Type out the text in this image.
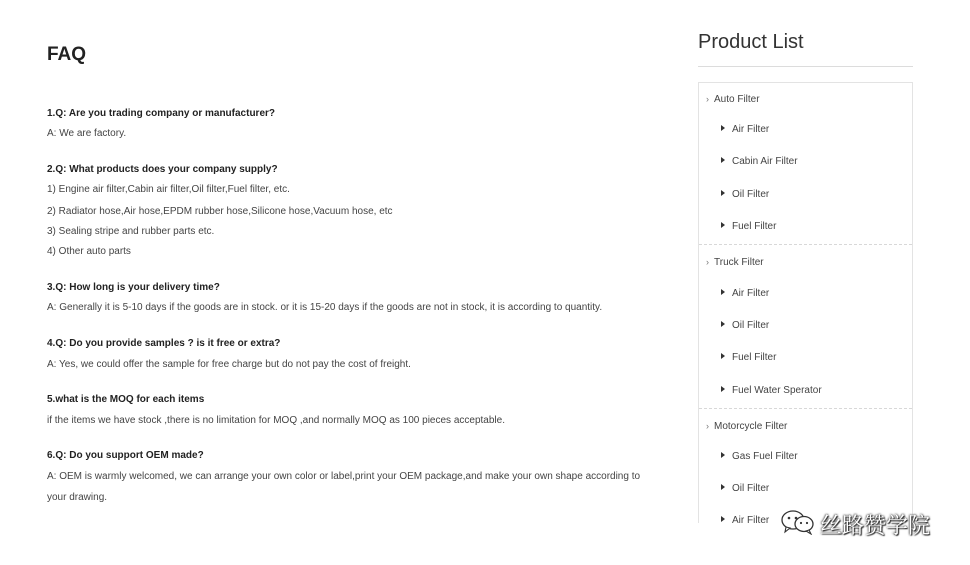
FAQ
1.Q: Are you trading company or manufacturer?
A: We are factory.
2.Q: What products does your company supply?
1) Engine air filter,Cabin air filter,Oil filter,Fuel filter, etc.
2) Radiator hose,Air hose,EPDM rubber hose,Silicone hose,Vacuum hose, etc
3) Sealing stripe and rubber parts etc.
4) Other auto parts
3.Q: How long is your delivery time?
A: Generally it is 5-10 days if the goods are in stock. or it is 15-20 days if the goods are not in stock, it is according to quantity.
4.Q: Do you provide samples ? is it free or extra?
A: Yes, we could offer the sample for free charge but do not pay the cost of freight.
5.what is the MOQ for each items
if the items we have stock ,there is no limitation for MOQ ,and normally MOQ as 100 pieces acceptable.
6.Q: Do you support OEM made?
A: OEM is warmly welcomed, we can arrange your own color or label,print your OEM package,and make your own shape according to
your drawing.
Product List
› Auto Filter
Air Filter
Cabin Air Filter
Oil Filter
Fuel Filter
› Truck Filter
Air Filter
Oil Filter
Fuel Filter
Fuel Water Sperator
› Motorcycle Filter
Gas Fuel Filter
Oil Filter
Air Filter 丝路赞学院
